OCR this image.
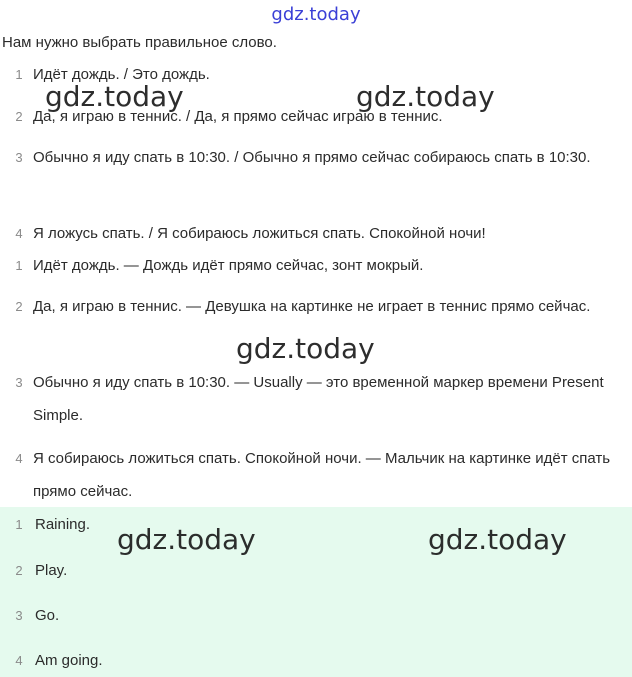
gdz.today
Нам нужно выбрать правильное слово.
1 Идёт дождь. / Это дождь.
2 Да, я играю в теннис. / Да, я прямо сейчас играю в теннис.
3 Обычно я иду спать в 10:30. / Обычно я прямо сейчас собираюсь спать в 10:30.
4 Я ложусь спать. / Я собираюсь ложиться спать. Спокойной ночи!
1 Идёт дождь. — Дождь идёт прямо сейчас, зонт мокрый.
2 Да, я играю в теннис. — Девушка на картинке не играет в теннис прямо сейчас.
3 Обычно я иду спать в 10:30. — Usually — это временной маркер времени Present Simple.
4 Я собираюсь ложиться спать. Спокойной ночи. — Мальчик на картинке идёт спать прямо сейчас.
1 Raining.
2 Play.
3 Go.
4 Am going.
gdz.today	gdz.today
gdz.today
gdz.today	gdz.today
